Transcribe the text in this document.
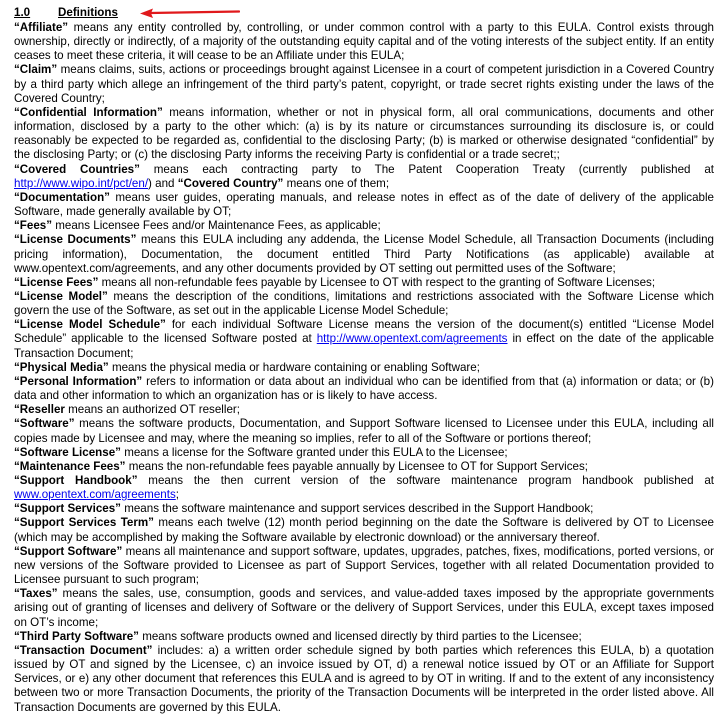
1.0 Definitions

“Affiliate” means any entity controlled by, controlling, or under common control with a party to this EULA. Control exists through ownership, directly or indirectly, of a majority of the outstanding equity capital and of the voting interests of the subject entity. If an entity ceases to meet these criteria, it will cease to be an Affiliate under this EULA;

“Claim” means claims, suits, actions or proceedings brought against Licensee in a court of competent jurisdiction in a Covered Country by a third party which allege an infringement of the third party’s patent, copyright, or trade secret rights existing under the laws of the Covered Country;

“Confidential Information” means information, whether or not in physical form, all oral communications, documents and other information, disclosed by a party to the other which: (a) is by its nature or circumstances surrounding its disclosure is, or could reasonably be expected to be regarded as, confidential to the disclosing Party; (b) is marked or otherwise designated “confidential” by the disclosing Party; or (c) the disclosing Party informs the receiving Party is confidential or a trade secret;;

“Covered Countries” means each contracting party to The Patent Cooperation Treaty (currently published at http://www.wipo.int/pct/en/) and “Covered Country” means one of them;

“Documentation” means user guides, operating manuals, and release notes in effect as of the date of delivery of the applicable Software, made generally available by OT;

“Fees” means Licensee Fees and/or Maintenance Fees, as applicable;

“License Documents” means this EULA including any addenda, the License Model Schedule, all Transaction Documents (including pricing information), Documentation, the document entitled Third Party Notifications (as applicable) available at www.opentext.com/agreements, and any other documents provided by OT setting out permitted uses of the Software;

“License Fees” means all non-refundable fees payable by Licensee to OT with respect to the granting of Software Licenses;

“License Model” means the description of the conditions, limitations and restrictions associated with the Software License which govern the use of the Software, as set out in the applicable License Model Schedule;

“License Model Schedule” for each individual Software License means the version of the document(s) entitled “License Model Schedule” applicable to the licensed Software posted at http://www.opentext.com/agreements in effect on the date of the applicable Transaction Document;

“Physical Media” means the physical media or hardware containing or enabling Software;

“Personal Information” refers to information or data about an individual who can be identified from that (a) information or data; or (b) data and other information to which an organization has or is likely to have access.

“Reseller means an authorized OT reseller;

“Software” means the software products, Documentation, and Support Software licensed to Licensee under this EULA, including all copies made by Licensee and may, where the meaning so implies, refer to all of the Software or portions thereof;

“Software License” means a license for the Software granted under this EULA to the Licensee;

“Maintenance Fees” means the non-refundable fees payable annually by Licensee to OT for Support Services;

“Support Handbook” means the then current version of the software maintenance program handbook published at www.opentext.com/agreements;

“Support Services” means the software maintenance and support services described in the Support Handbook;

“Support Services Term” means each twelve (12) month period beginning on the date the Software is delivered by OT to Licensee (which may be accomplished by making the Software available by electronic download) or the anniversary thereof.

“Support Software” means all maintenance and support software, updates, upgrades, patches, fixes, modifications, ported versions, or new versions of the Software provided to Licensee as part of Support Services, together with all related Documentation provided to Licensee pursuant to such program;

“Taxes” means the sales, use, consumption, goods and services, and value-added taxes imposed by the appropriate governments arising out of granting of licenses and delivery of Software or the delivery of Support Services, under this EULA, except taxes imposed on OT’s income;

“Third Party Software” means software products owned and licensed directly by third parties to the Licensee;

“Transaction Document” includes: a) a written order schedule signed by both parties which references this EULA, b) a quotation issued by OT and signed by the Licensee, c) an invoice issued by OT, d) a renewal notice issued by OT or an Affiliate for Support Services, or e) any other document that references this EULA and is agreed to by OT in writing. If and to the extent of any inconsistency between two or more Transaction Documents, the priority of the Transaction Documents will be interpreted in the order listed above. All Transaction Documents are governed by this EULA.
